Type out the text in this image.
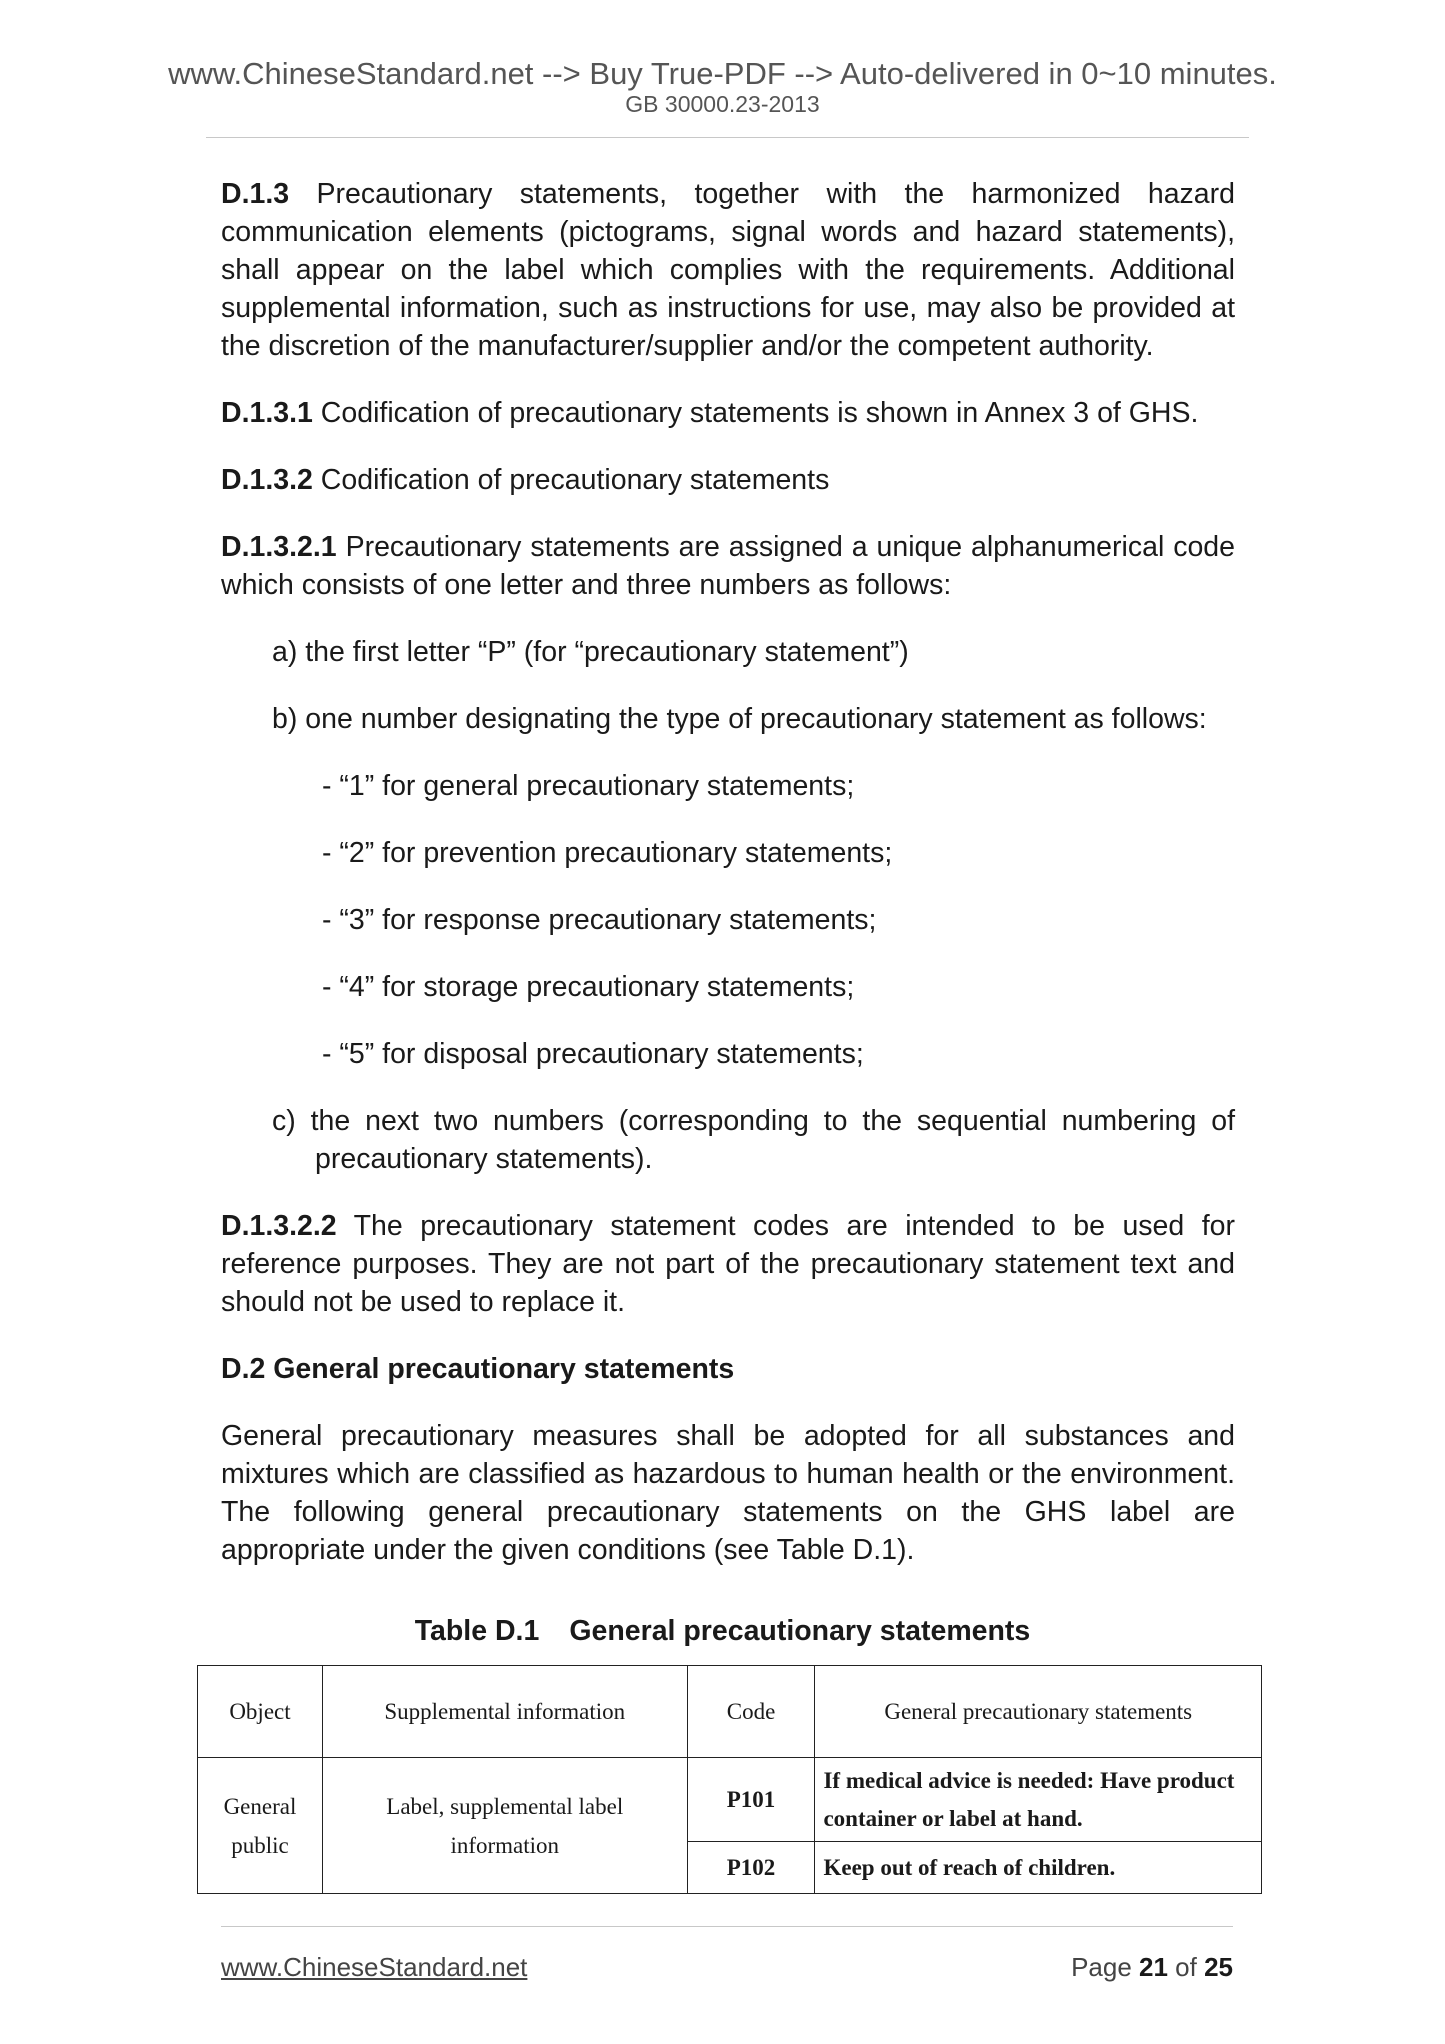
www.ChineseStandard.net --> Buy True-PDF --> Auto-delivered in 0~10 minutes.
GB 30000.23-2013

D.1.3 Precautionary statements, together with the harmonized hazard communication elements (pictograms, signal words and hazard statements), shall appear on the label which complies with the requirements. Additional supplemental information, such as instructions for use, may also be provided at the discretion of the manufacturer/supplier and/or the competent authority.

D.1.3.1 Codification of precautionary statements is shown in Annex 3 of GHS.

D.1.3.2 Codification of precautionary statements

D.1.3.2.1 Precautionary statements are assigned a unique alphanumerical code which consists of one letter and three numbers as follows:

a) the first letter “P” (for “precautionary statement”)

b) one number designating the type of precautionary statement as follows:

- “1” for general precautionary statements;

- “2” for prevention precautionary statements;

- “3” for response precautionary statements;

- “4” for storage precautionary statements;

- “5” for disposal precautionary statements;

c) the next two numbers (corresponding to the sequential numbering of precautionary statements).

D.1.3.2.2 The precautionary statement codes are intended to be used for reference purposes. They are not part of the precautionary statement text and should not be used to replace it.

D.2 General precautionary statements

General precautionary measures shall be adopted for all substances and mixtures which are classified as hazardous to human health or the environment. The following general precautionary statements on the GHS label are appropriate under the given conditions (see Table D.1).

Table D.1 General precautionary statements
Object	Supplemental information	Code	General precautionary statements
General public	Label, supplemental label information	P101	If medical advice is needed: Have product container or label at hand.
		P102	Keep out of reach of children.
www.ChineseStandard.net	Page 21 of 25
